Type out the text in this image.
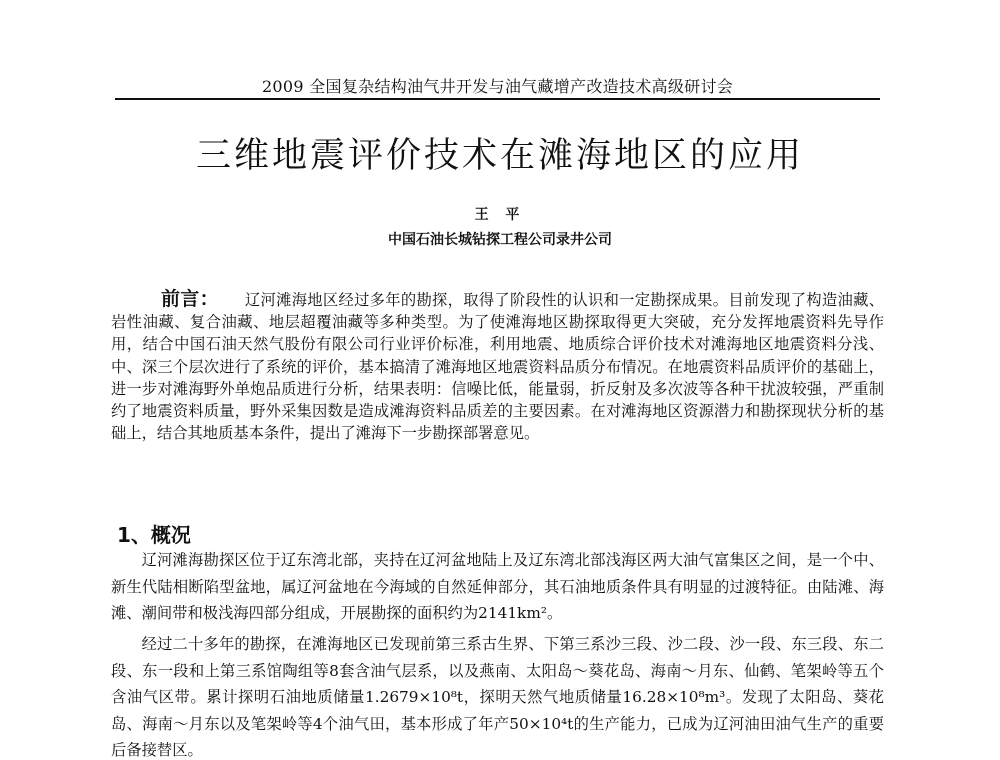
2009 全国复杂结构油气井开发与油气藏增产改造技术高级研讨会
三维地震评价技术在滩海地区的应用
王 平
中国石油长城钻探工程公司录井公司

前言： 辽河滩海地区经过多年的勘探，取得了阶段性的认识和一定勘探成果。目前发现了构造油藏、岩性油藏、复合油藏、地层超覆油藏等多种类型。为了使滩海地区勘探取得更大突破，充分发挥地震资料先导作用，结合中国石油天然气股份有限公司行业评价标准，利用地震、地质综合评价技术对滩海地区地震资料分浅、中、深三个层次进行了系统的评价，基本搞清了滩海地区地震资料品质分布情况。在地震资料品质评价的基础上，进一步对滩海野外单炮品质进行分析，结果表明：信噪比低，能量弱，折反射及多次波等各种干扰波较强，严重制约了地震资料质量，野外采集因数是造成滩海资料品质差的主要因素。在对滩海地区资源潜力和勘探现状分析的基础上，结合其地质基本条件，提出了滩海下一步勘探部署意见。

1、概况

辽河滩海勘探区位于辽东湾北部，夹持在辽河盆地陆上及辽东湾北部浅海区两大油气富集区之间，是一个中、新生代陆相断陷型盆地，属辽河盆地在今海域的自然延伸部分，其石油地质条件具有明显的过渡特征。由陆滩、海滩、潮间带和极浅海四部分组成，开展勘探的面积约为2141km²。

经过二十多年的勘探，在滩海地区已发现前第三系古生界、下第三系沙三段、沙二段、沙一段、东三段、东二段、东一段和上第三系馆陶组等8套含油气层系，以及燕南、太阳岛～葵花岛、海南～月东、仙鹤、笔架岭等五个含油气区带。累计探明石油地质储量1.2679×10⁸t，探明天然气地质储量16.28×10⁸m³。发现了太阳岛、葵花岛、海南～月东以及笔架岭等4个油气田，基本形成了年产50×10⁴t的生产能力，已成为辽河油田油气生产的重要后备接替区。
